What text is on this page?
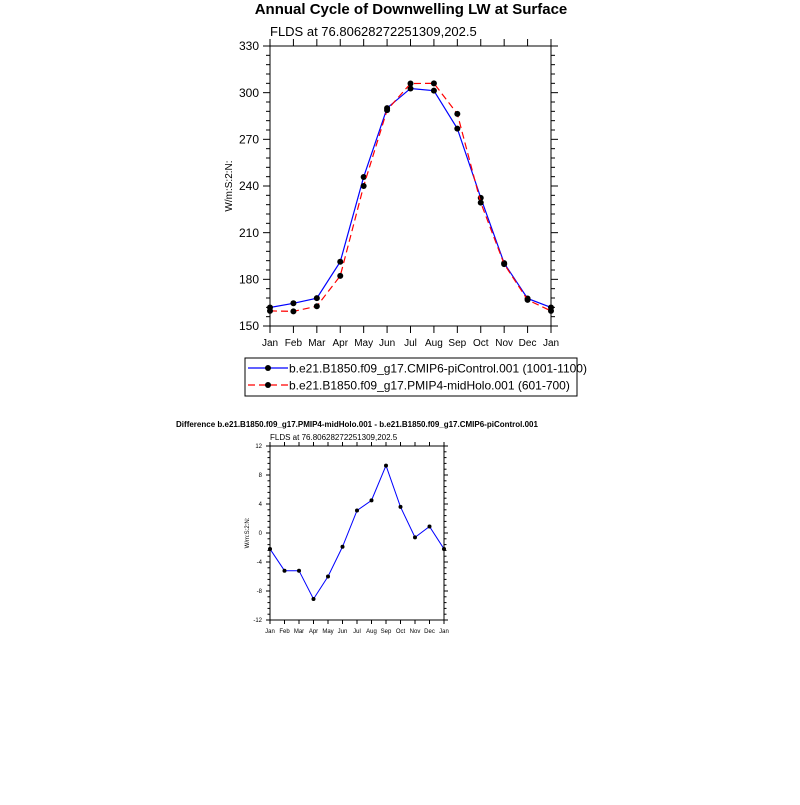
Annual Cycle of Downwelling LW at Surface
FLDS at 76.80628272251309,202.5
W/m:S:2:N:
Difference b.e21.B1850.f09_g17.PMIP4-midHolo.001 - b.e21.B1850.f09_g17.CMIP6-piControl.001
FLDS at 76.80628272251309,202.5
W/m:S:2:N:
150
180
210
240
270
300
330
Jan Feb Mar Apr May Jun Jul Aug Sep Oct Nov Dec Jan
b.e21.B1850.f09_g17.CMIP6-piControl.001 (1001-1100)
b.e21.B1850.f09_g17.PMIP4-midHolo.001 (601-700)
-12
-8
-4
0
4
8
12
Jan Feb Mar Apr May Jun Jul Aug Sep Oct Nov Dec Jan
